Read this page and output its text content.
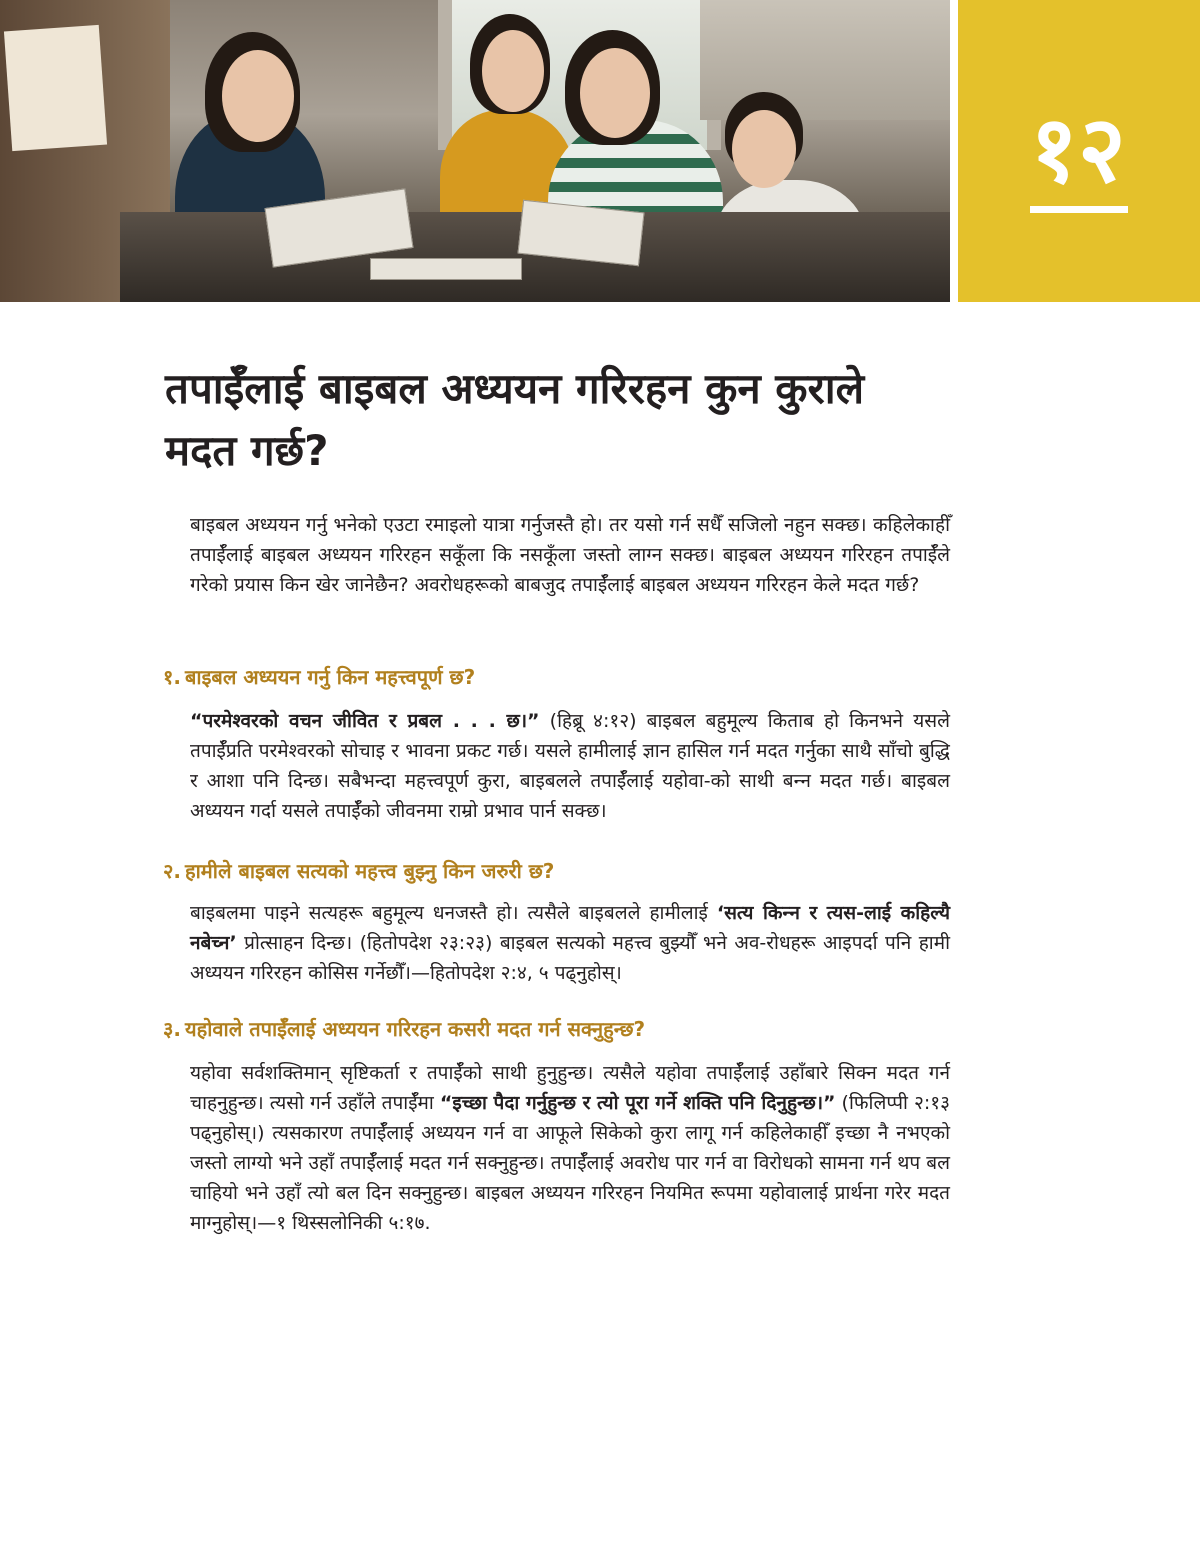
१२
तपाईँलाई बाइबल अध्ययन गरिरहन कुन कुराले मदत गर्छ?

बाइबल अध्ययन गर्नु भनेको एउटा रमाइलो यात्रा गर्नुजस्तै हो। तर यसो गर्न सधैँ सजिलो नहुन सक्छ। कहिलेकाहीँ तपाईँलाई बाइबल अध्ययन गरिरहन सकूँला कि नसकूँला जस्तो लाग्न सक्छ। बाइबल अध्ययन गरिरहन तपाईँले गरेको प्रयास किन खेर जानेछैन? अवरोधहरूको बाबजुद तपाईँलाई बाइबल अध्ययन गरिरहन केले मदत गर्छ?

१. बाइबल अध्ययन गर्नु किन महत्त्वपूर्ण छ?

“परमेश्‍वरको वचन जीवित र प्रबल . . . छ।” (हिब्रू ४:१२) बाइबल बहुमूल्य किताब हो किनभने यसले तपाईँप्रति परमेश्‍वरको सोचाइ र भावना प्रकट गर्छ। यसले हामीलाई ज्ञान हासिल गर्न मदत गर्नुका साथै साँचो बुद्धि र आशा पनि दिन्छ। सबैभन्दा महत्त्वपूर्ण कुरा, बाइबलले तपाईँलाई यहोवा-को साथी बन्‍न मदत गर्छ। बाइबल अध्ययन गर्दा यसले तपाईँको जीवनमा राम्रो प्रभाव पार्न सक्छ।

२. हामीले बाइबल सत्यको महत्त्व बुझ्नु किन जरुरी छ?

बाइबलमा पाइने सत्यहरू बहुमूल्य धनजस्तै हो। त्यसैले बाइबलले हामीलाई ‘सत्य किन्‍न र त्यस-लाई कहिल्यै नबेच्‍न’ प्रोत्साहन दिन्छ। (हितोपदेश २३:२३) बाइबल सत्यको महत्त्व बुझ्यौँ भने अव-रोधहरू आइपर्दा पनि हामी अध्ययन गरिरहन कोसिस गर्नेछौँ।—हितोपदेश २:४, ५ पढ्नुहोस्।

३. यहोवाले तपाईँलाई अध्ययन गरिरहन कसरी मदत गर्न सक्नुहुन्छ?

यहोवा सर्वशक्तिमान् सृष्टिकर्ता र तपाईँको साथी हुनुहुन्छ। त्यसैले यहोवा तपाईँलाई उहाँबारे सिक्न मदत गर्न चाहनुहुन्छ। त्यसो गर्न उहाँले तपाईँमा “इच्छा पैदा गर्नुहुन्छ र त्यो पूरा गर्ने शक्‍ति पनि दिनुहुन्छ।” (फिलिप्पी २:१३ पढ्नुहोस्।) त्यसकारण तपाईँलाई अध्ययन गर्न वा आफूले सिकेको कुरा लागू गर्न कहिलेकाहीँ इच्छा नै नभएको जस्तो लाग्यो भने उहाँ तपाईँलाई मदत गर्न सक्नुहुन्छ। तपाईँलाई अवरोध पार गर्न वा विरोधको सामना गर्न थप बल चाहियो भने उहाँ त्यो बल दिन सक्नुहुन्छ। बाइबल अध्ययन गरिरहन नियमित रूपमा यहोवालाई प्रार्थना गरेर मदत माग्नुहोस्।—१ थिस्सलोनिकी ५:१७.
